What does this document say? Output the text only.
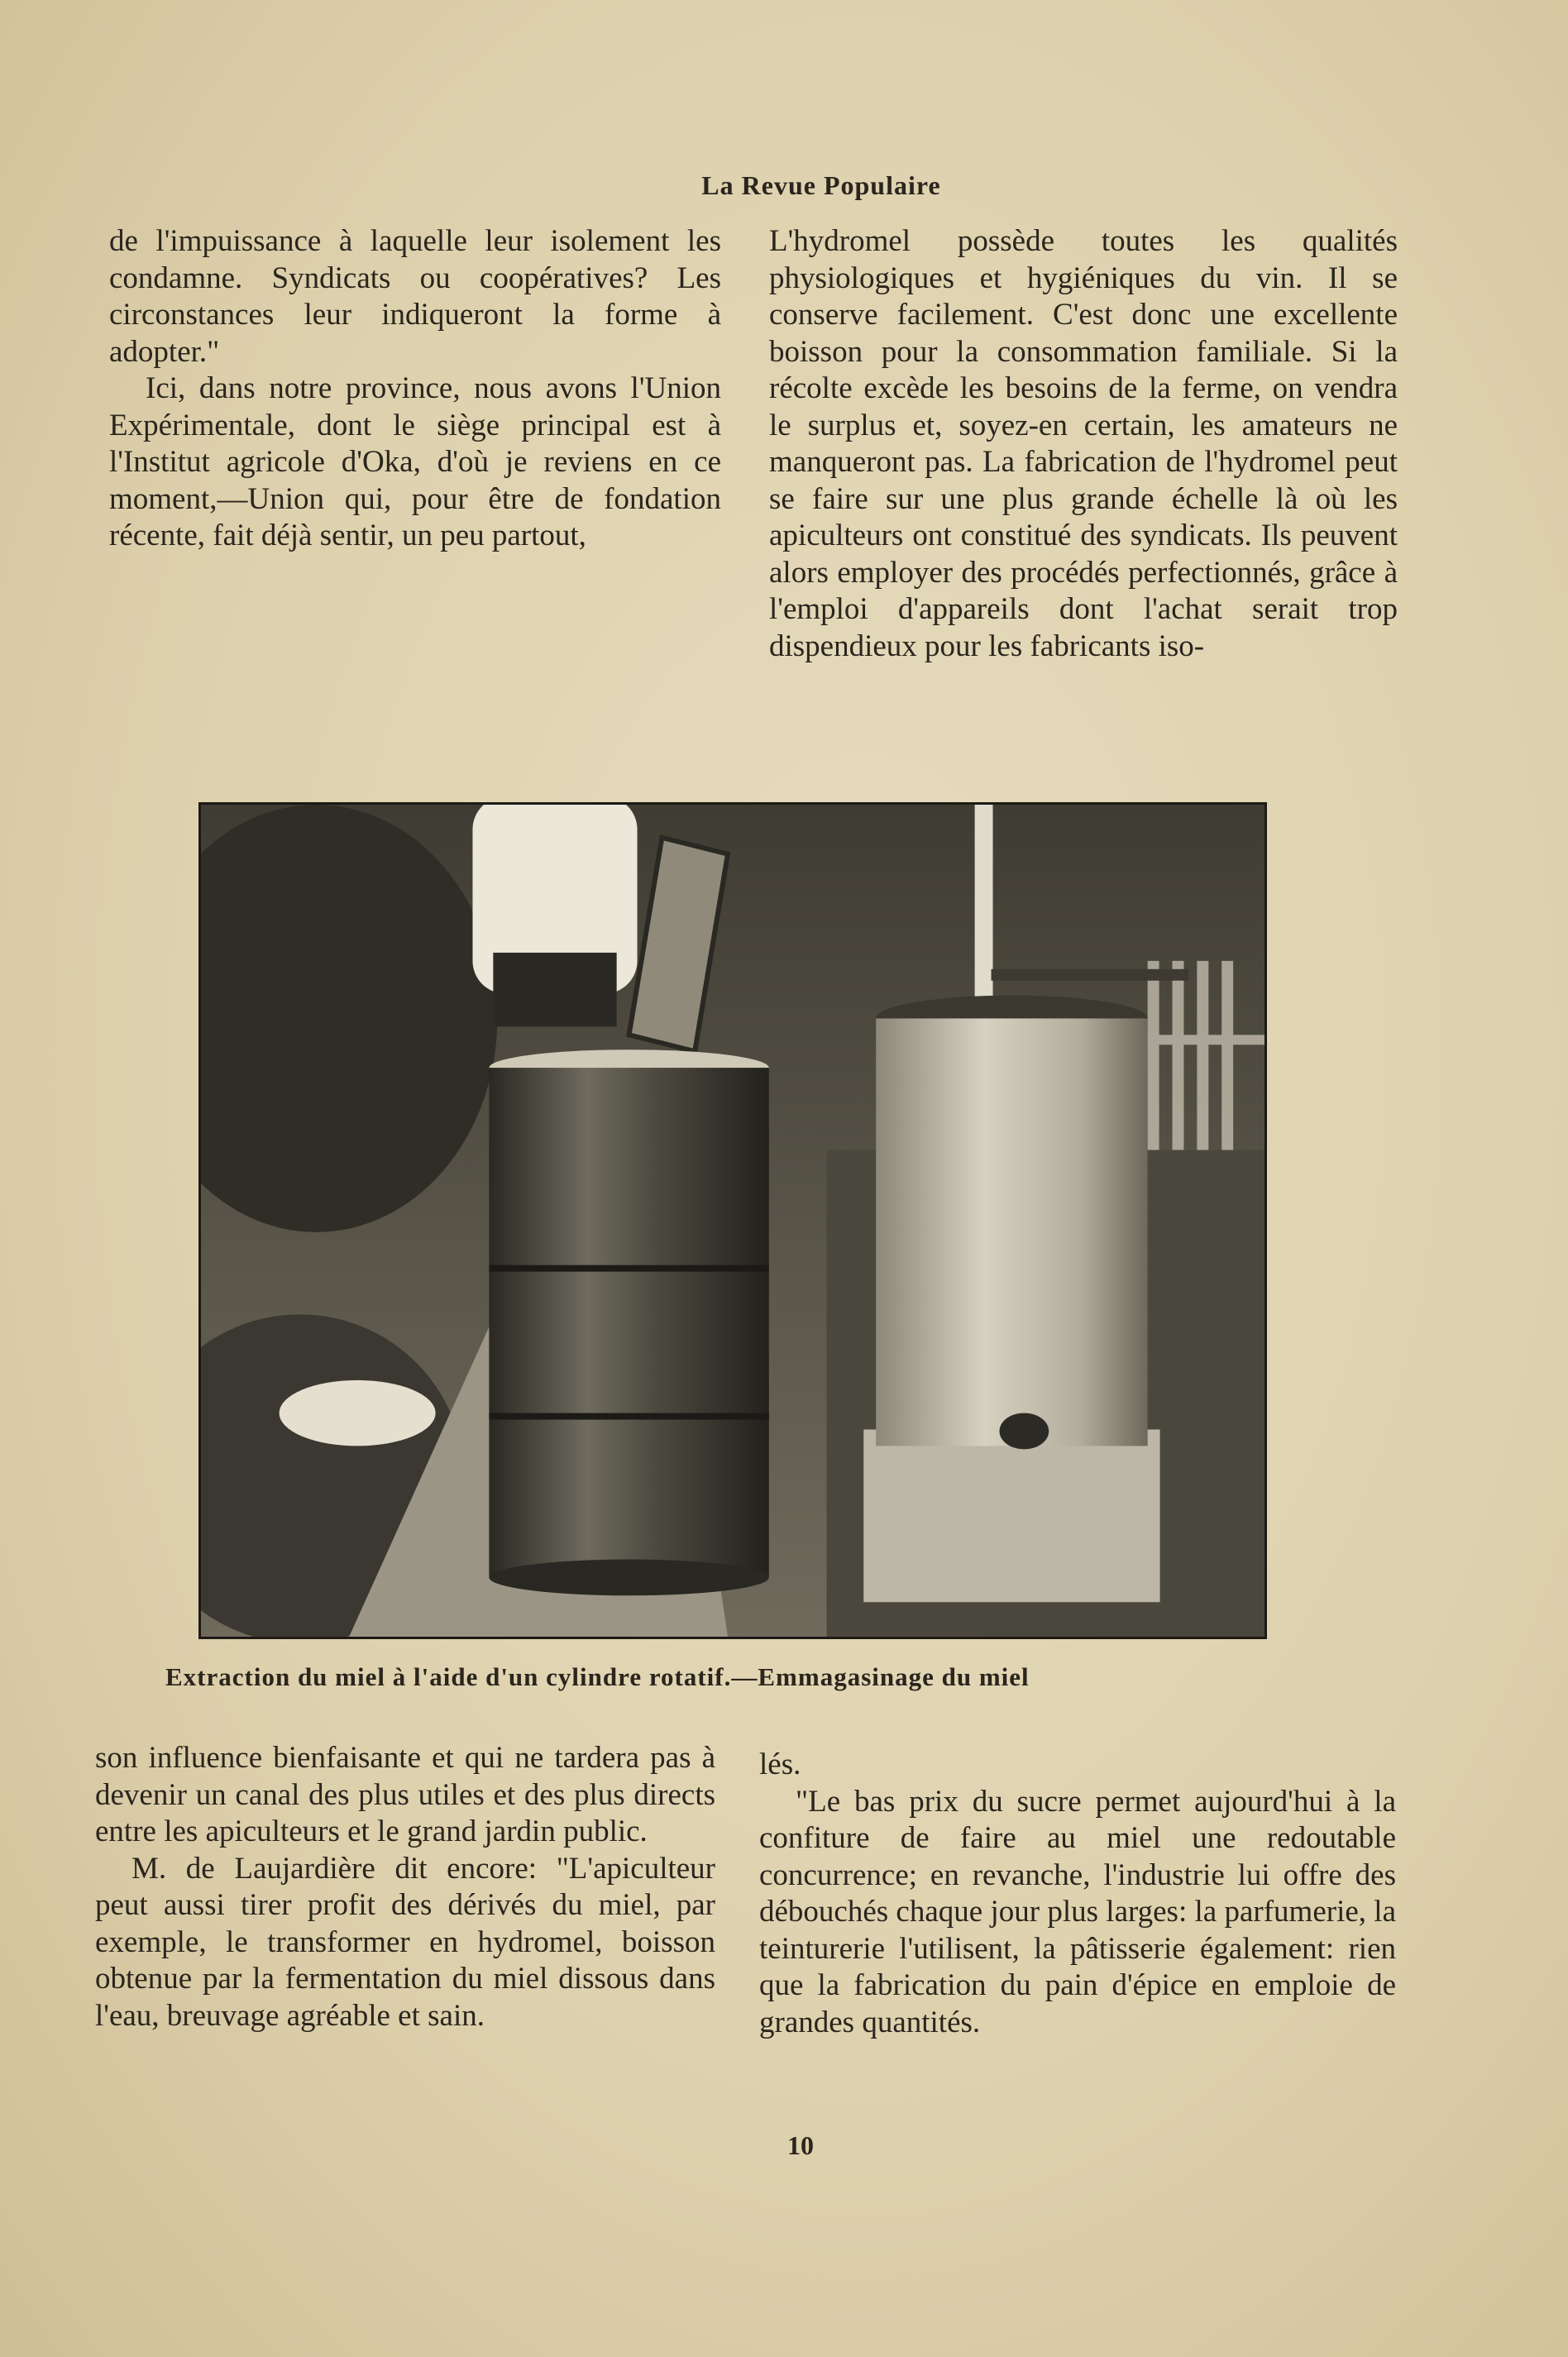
La Revue Populaire

de l'impuissance à laquelle leur isolement les condamne. Syndicats ou coopératives? Les circonstances leur indiqueront la forme à adopter."

Ici, dans notre province, nous avons l'Union Expérimentale, dont le siège principal est à l'Institut agricole d'Oka, d'où je reviens en ce moment,—Union qui, pour être de fondation récente, fait déjà sentir, un peu partout,

L'hydromel possède toutes les qualités physiologiques et hygiéniques du vin. Il se conserve facilement. C'est donc une excellente boisson pour la consommation familiale. Si la récolte excède les besoins de la ferme, on vendra le surplus et, soyez-en certain, les amateurs ne manqueront pas. La fabrication de l'hydromel peut se faire sur une plus grande échelle là où les apiculteurs ont constitué des syndicats. Ils peuvent alors employer des procédés perfectionnés, grâce à l'emploi d'appareils dont l'achat serait trop dispendieux pour les fabricants iso-

Extraction du miel à l'aide d'un cylindre rotatif.—Emmagasinage du miel

son influence bienfaisante et qui ne tardera pas à devenir un canal des plus utiles et des plus directs entre les apiculteurs et le grand jardin public.

M. de Laujardière dit encore: "L'apiculteur peut aussi tirer profit des dérivés du miel, par exemple, le transformer en hydromel, boisson obtenue par la fermentation du miel dissous dans l'eau, breuvage agréable et sain.

lés.

"Le bas prix du sucre permet aujourd'hui à la confiture de faire au miel une redoutable concurrence; en revanche, l'industrie lui offre des débouchés chaque jour plus larges: la parfumerie, la teinturerie l'utilisent, la pâtisserie également: rien que la fabrication du pain d'épice en emploie de grandes quantités.

10
